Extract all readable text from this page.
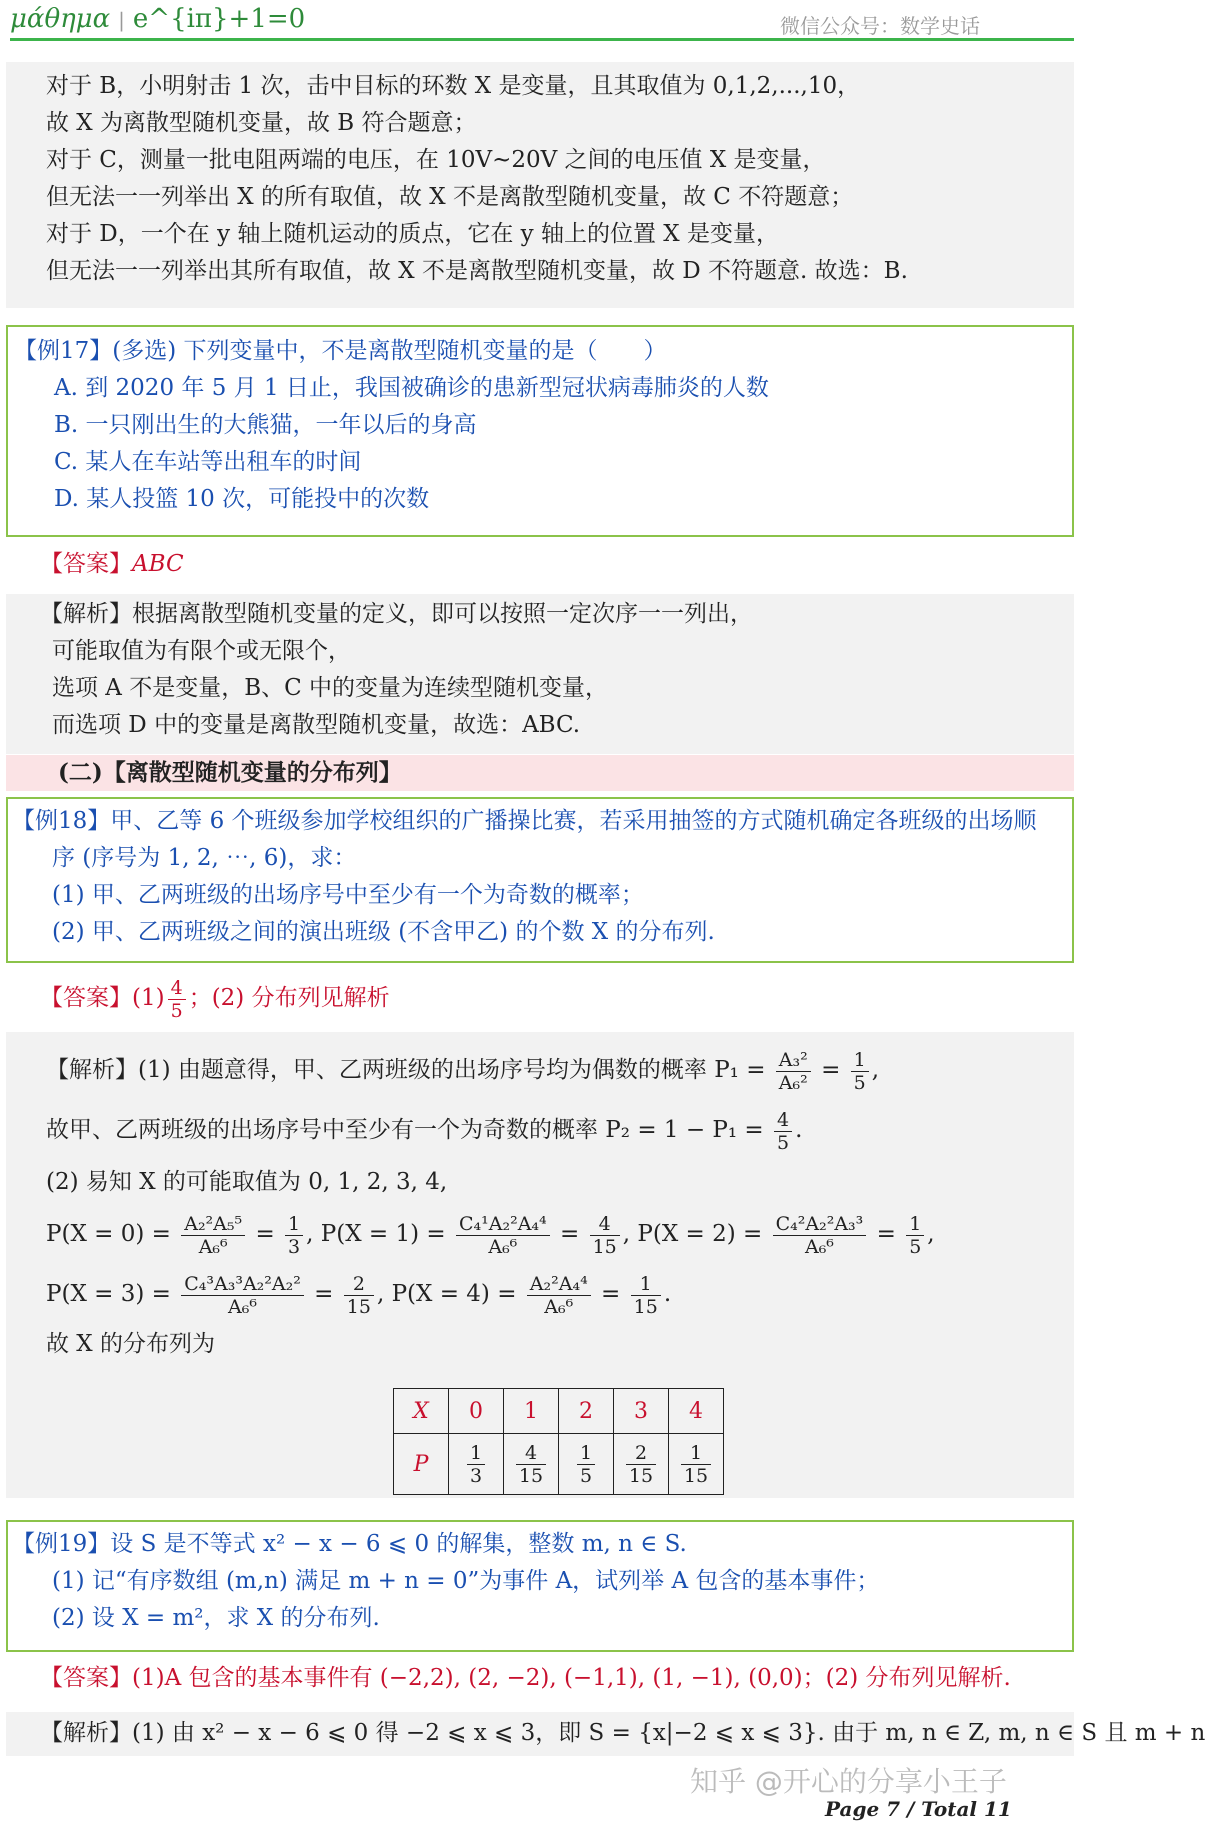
μάθημα | e^{iπ}+1=0	微信公众号：数学史话
对于 B，小明射击 1 次，击中目标的环数 X 是变量，且其取值为 0,1,2,...,10，
故 X 为离散型随机变量，故 B 符合题意；
对于 C，测量一批电阻两端的电压，在 10V~20V 之间的电压值 X 是变量，
但无法一一列举出 X 的所有取值，故 X 不是离散型随机变量，故 C 不符题意；
对于 D，一个在 y 轴上随机运动的质点，它在 y 轴上的位置 X 是变量，
但无法一一列举出其所有取值，故 X 不是离散型随机变量，故 D 不符题意. 故选：B.
【例17】(多选) 下列变量中，不是离散型随机变量的是（　　）
A. 到 2020 年 5 月 1 日止，我国被确诊的患新型冠状病毒肺炎的人数
B. 一只刚出生的大熊猫，一年以后的身高
C. 某人在车站等出租车的时间
D. 某人投篮 10 次，可能投中的次数
【答案】ABC
【解析】根据离散型随机变量的定义，即可以按照一定次序一一列出，
可能取值为有限个或无限个，
选项 A 不是变量，B、C 中的变量为连续型随机变量，
而选项 D 中的变量是离散型随机变量，故选：ABC.
(二)【离散型随机变量的分布列】
【例18】甲、乙等 6 个班级参加学校组织的广播操比赛，若采用抽签的方式随机确定各班级的出场顺
序 (序号为 1, 2, ⋯, 6)，求：
(1) 甲、乙两班级的出场序号中至少有一个为奇数的概率；
(2) 甲、乙两班级之间的演出班级 (不含甲乙) 的个数 X 的分布列.
【答案】$(1) \frac{4}{5}$ ；(2) 分布列见解析
【解析】(1) 由题意得，甲、乙两班级的出场序号均为偶数的概率 $P_1 = \frac{\text{A₃²}}{\text{A₆²}} = \frac{1}{5}$ ,
故甲、乙两班级的出场序号中至少有一个为奇数的概率 $P_2 = 1 - P_1 = \frac{4}{5}$ .
(2) 易知 X 的可能取值为 0, 1, 2, 3, 4,
$P(X = 0) = \frac{\text{A₂²A₅⁵}}{\text{A₆⁶}} = \frac{1}{3}$ , $P(X = 1) = \frac{\text{C₄¹A₂²A₄⁴}}{\text{A₆⁶}} = \frac{4}{15}$ , $P(X = 2) = \frac{\text{C₄²A₂²A₃³}}{\text{A₆⁶}} = \frac{1}{5}$ ,
$P(X = 3) = \frac{\text{C₄³A₃³A₂²A₂²}}{\text{A₆⁶}} = \frac{2}{15}$ , $P(X = 4) = \frac{\text{A₂²A₄⁴}}{\text{A₆⁶}} = \frac{1}{15}$ .
故 X 的分布列为
X	0	1	2	3	4
P	$\frac{1}{3}$	$\frac{4}{15}$	$\frac{1}{5}$	$\frac{2}{15}$	$\frac{1}{15}$
【例19】设 S 是不等式 x² − x − 6 ⩽ 0 的解集，整数 m, n ∈ S.
(1) 记“有序数组 (m,n) 满足 m + n = 0”为事件 A，试列举 A 包含的基本事件；
(2) 设 X = m²，求 X 的分布列.
【答案】(1)A 包含的基本事件有 (−2,2), (2, −2), (−1,1), (1, −1), (0,0)；(2) 分布列见解析.
【解析】(1) 由 x² − x − 6 ⩽ 0 得 −2 ⩽ x ⩽ 3，即 S = {x|−2 ⩽ x ⩽ 3}. 由于 m, n ∈ Z, m, n ∈ S 且 m + n
知乎 @开心的分享小王子
Page 7 / Total 11
